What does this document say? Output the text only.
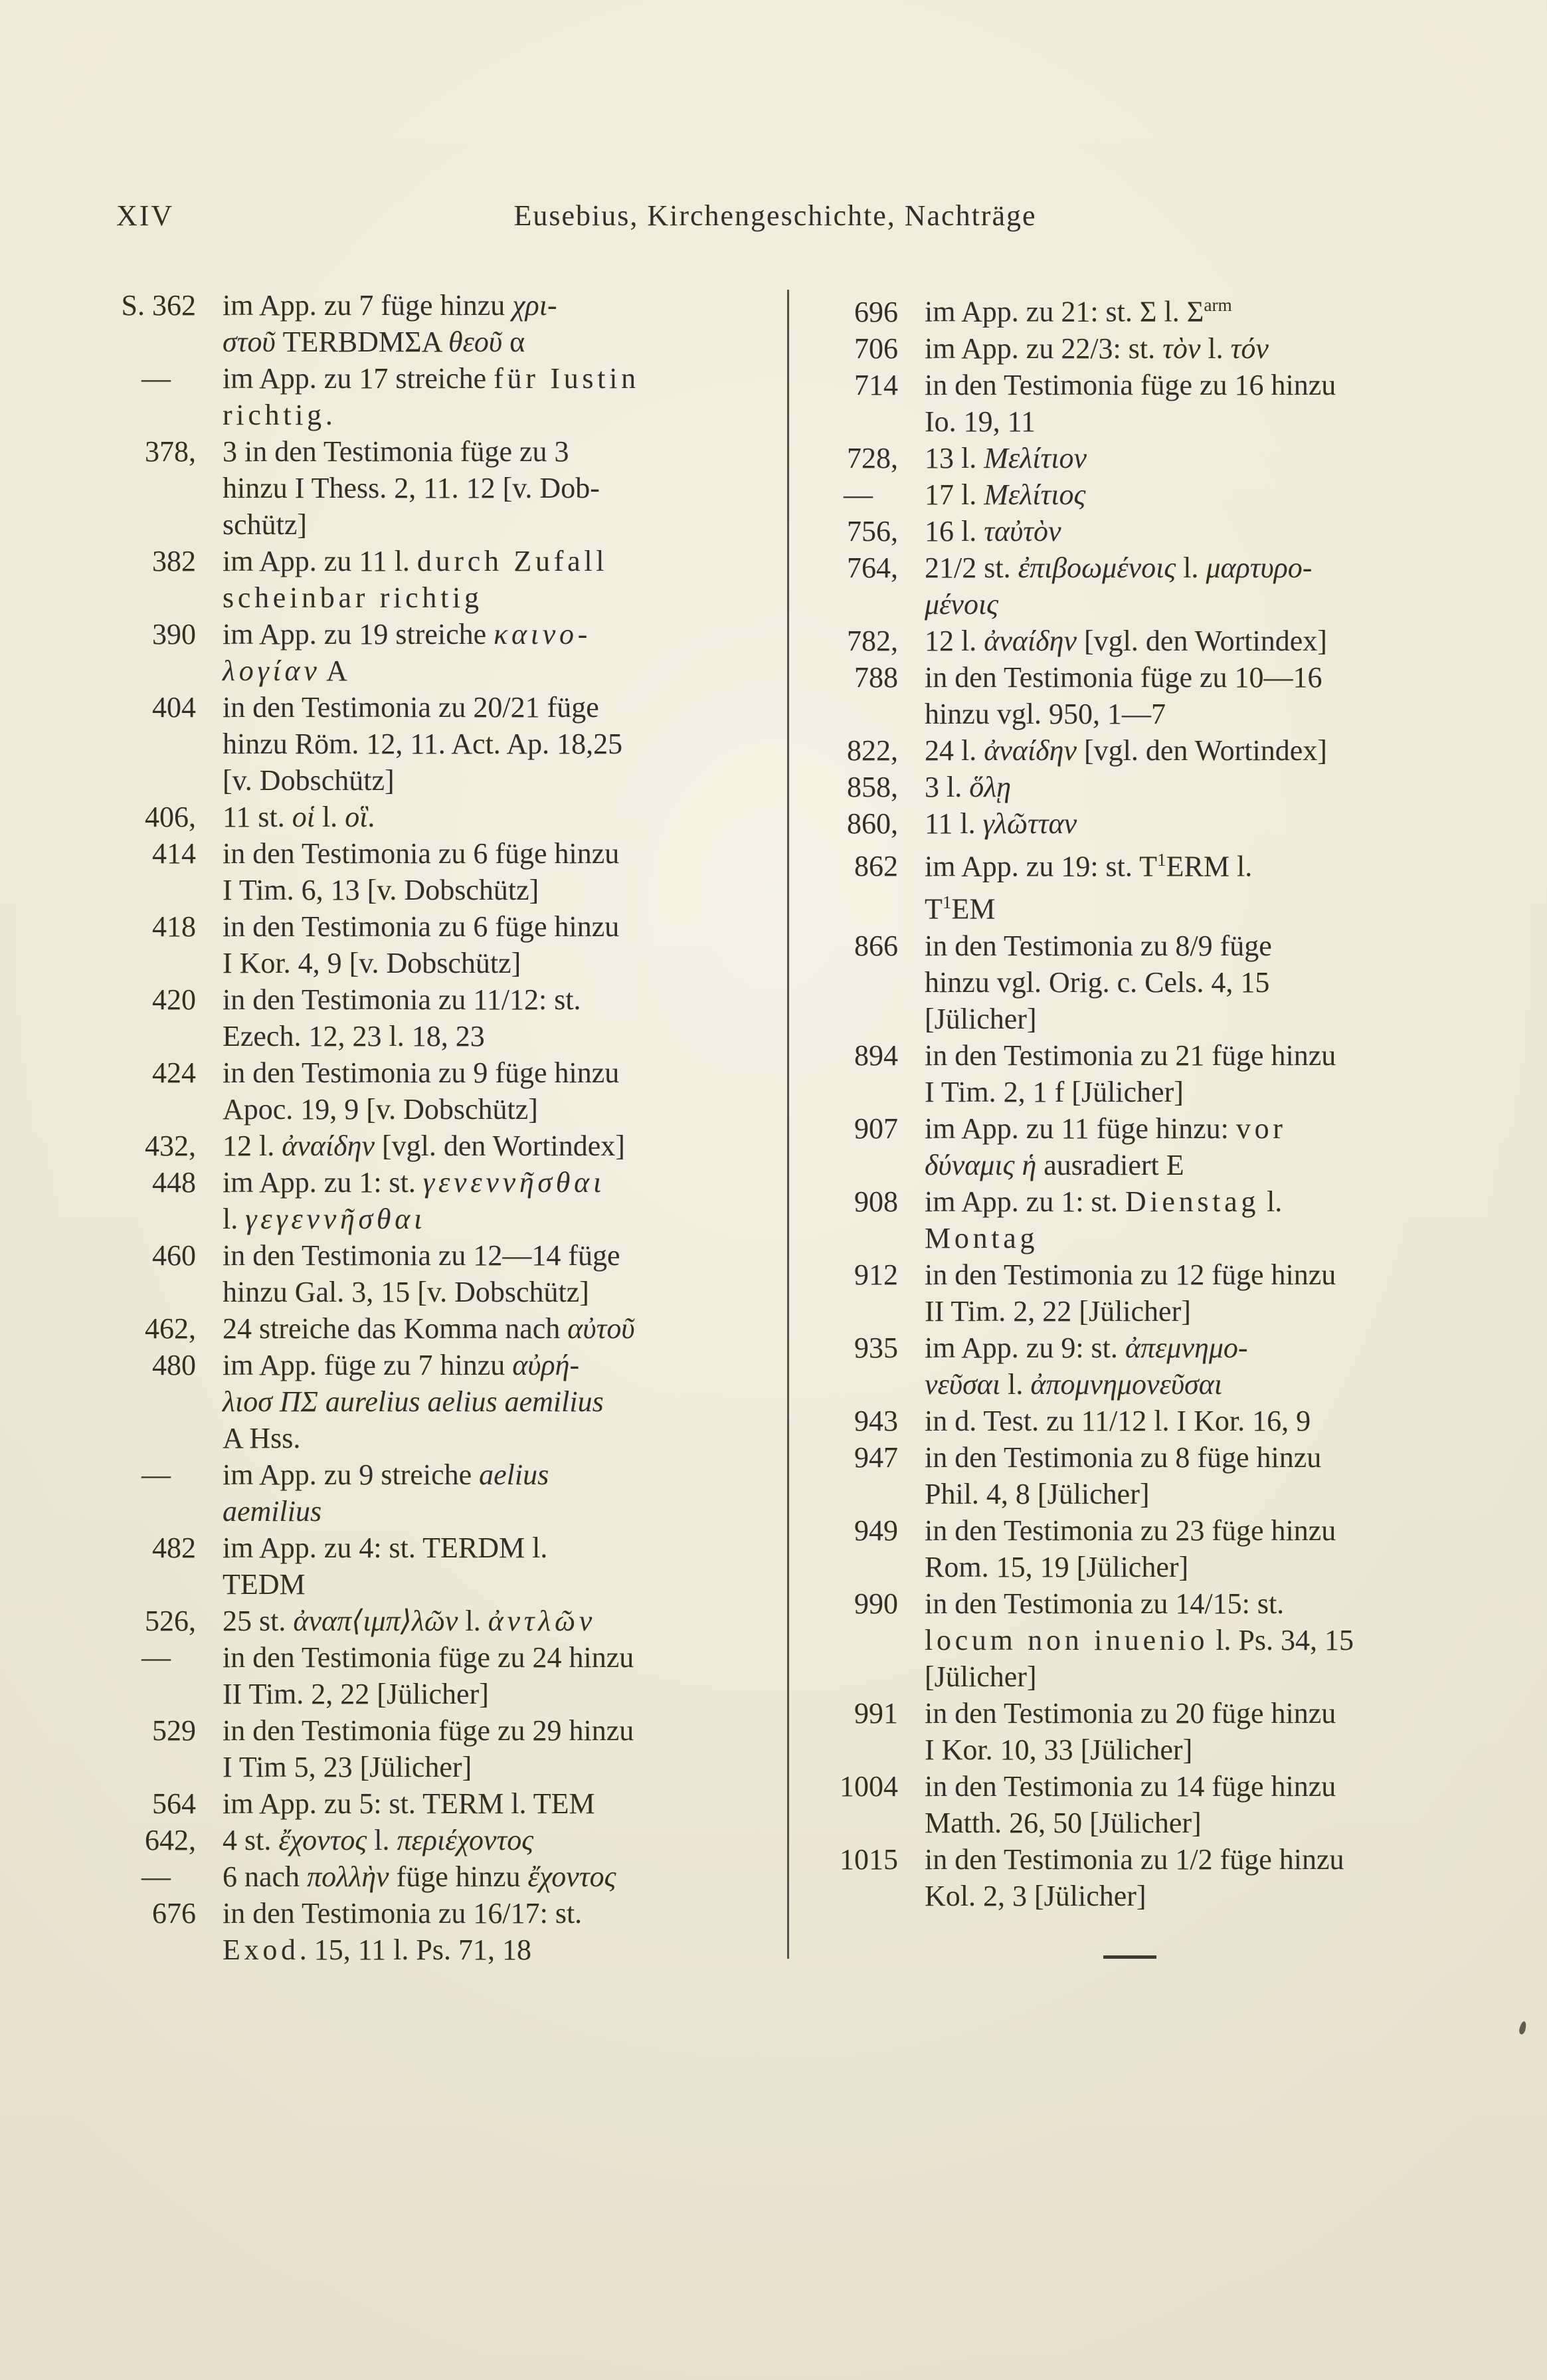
XIV	Eusebius, Kirchengeschichte, Nachträge
S. 362 im App. zu 7 füge hinzu χρι-
στοῦ TERBDMΣΑ θεοῦ α
— im App. zu 17 streiche für Iustin
richtig.
378, 3 in den Testimonia füge zu 3
hinzu I Thess. 2, 11. 12 [v. Dob-
schütz]
382 im App. zu 11 l. durch Zufall
scheinbar richtig
390 im App. zu 19 streiche καινο-
λογίαν Α
404 in den Testimonia zu 20/21 füge
hinzu Röm. 12, 11. Act. Ap. 18,25
[v. Dobschütz]
406, 11 st. οἱ l. οἳ.
414 in den Testimonia zu 6 füge hinzu
I Tim. 6, 13 [v. Dobschütz]
418 in den Testimonia zu 6 füge hinzu
I Kor. 4, 9 [v. Dobschütz]
420 in den Testimonia zu 11/12: st.
Ezech. 12, 23 l. 18, 23
424 in den Testimonia zu 9 füge hinzu
Apoc. 19, 9 [v. Dobschütz]
432, 12 l. ἀναίδην [vgl. den Wortindex]
448 im App. zu 1: st. γενεννῆσθαι
l. γεγεννῆσθαι
460 in den Testimonia zu 12—14 füge
hinzu Gal. 3, 15 [v. Dobschütz]
462, 24 streiche das Komma nach αὐτοῦ
480 im App. füge zu 7 hinzu αὐρή-
λιοσ ΠΣ aurelius aelius aemilius
Α Hss.
— im App. zu 9 streiche aelius
aemilius
482 im App. zu 4: st. TERDM l.
TEDM
526, 25 st. ἀναπ⟨ιμπ⟩λῶν l. ἀντλῶν
— in den Testimonia füge zu 24 hinzu
II Tim. 2, 22 [Jülicher]
529 in den Testimonia füge zu 29 hinzu
I Tim 5, 23 [Jülicher]
564 im App. zu 5: st. TERM l. TEM
642, 4 st. ἔχοντος l. περιέχοντος
— 6 nach πολλὴν füge hinzu ἔχοντος
676 in den Testimonia zu 16/17: st.
Exod. 15, 11 l. Ps. 71, 18
696 im App. zu 21: st. Σ l. $\Sigma^{arm}$
706 im App. zu 22/3: st. τὸν l. τόν
714 in den Testimonia füge zu 16 hinzu
Io. 19, 11
728, 13 l. Μελίτιον
— 17 l. Μελίτιος
756, 16 l. ταὐτὸν
764, 21/2 st. ἐπιβοωμένοις l. μαρτυρο-
μένοις
782, 12 l. ἀναίδην [vgl. den Wortindex]
788 in den Testimonia füge zu 10—16
hinzu vgl. 950, 1—7
822, 24 l. ἀναίδην [vgl. den Wortindex]
858, 3 l. ὅλῃ
860, 11 l. γλῶτταν
862 im App. zu 19: st. $T^1ERM$ l.
$T^1EM$
866 in den Testimonia zu 8/9 füge
hinzu vgl. Orig. c. Cels. 4, 15
[Jülicher]
894 in den Testimonia zu 21 füge hinzu
I Tim. 2, 1 f [Jülicher]
907 im App. zu 11 füge hinzu: vor
δύναμις ἡ ausradiert E
908 im App. zu 1: st. Dienstag l.
Montag
912 in den Testimonia zu 12 füge hinzu
II Tim. 2, 22 [Jülicher]
935 im App. zu 9: st. ἀπεμνημο-
νεῦσαι l. ἀπομνημονεῦσαι
943 in d. Test. zu 11/12 l. I Kor. 16, 9
947 in den Testimonia zu 8 füge hinzu
Phil. 4, 8 [Jülicher]
949 in den Testimonia zu 23 füge hinzu
Rom. 15, 19 [Jülicher]
990 in den Testimonia zu 14/15: st.
locum non inuenio l. Ps. 34, 15
[Jülicher]
991 in den Testimonia zu 20 füge hinzu
I Kor. 10, 33 [Jülicher]
1004 in den Testimonia zu 14 füge hinzu
Matth. 26, 50 [Jülicher]
1015 in den Testimonia zu 1/2 füge hinzu
Kol. 2, 3 [Jülicher]
